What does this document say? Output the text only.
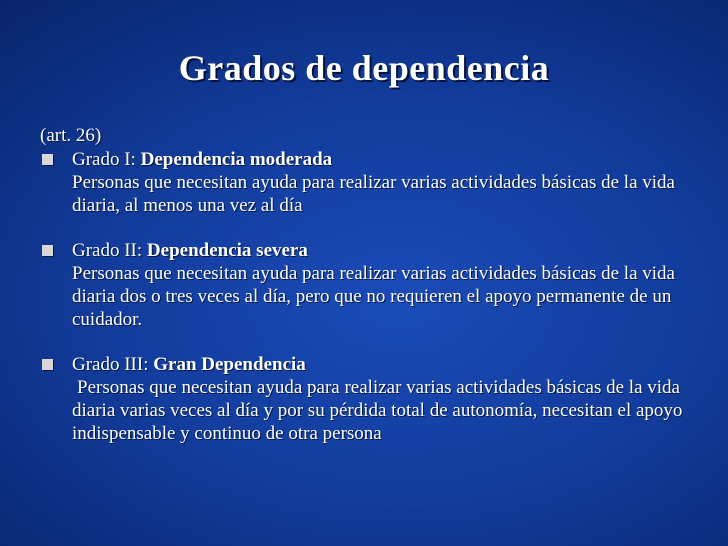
Grados de dependencia
(art. 26)
Grado I: Dependencia moderada
Personas que necesitan ayuda para realizar varias actividades básicas de la vida diaria, al menos una vez al día
Grado II: Dependencia severa
Personas que necesitan ayuda para realizar varias actividades básicas de la vida diaria dos o tres veces al día, pero que no requieren el apoyo permanente de un cuidador.
Grado III: Gran Dependencia
Personas que necesitan ayuda para realizar varias actividades básicas de la vida diaria varias veces al día y por su pérdida total de autonomía, necesitan el apoyo indispensable y continuo de otra persona
